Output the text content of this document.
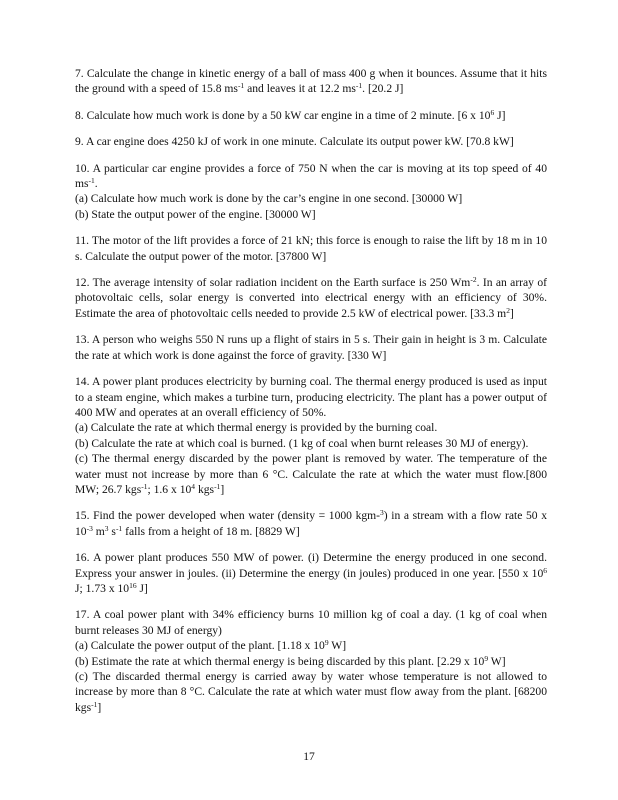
7. Calculate the change in kinetic energy of a ball of mass 400 g when it bounces. Assume that it hits the ground with a speed of 15.8 $ms^{-1}$ and leaves it at 12.2 $ms^{-1}$. [20.2 J]

8. Calculate how much work is done by a 50 kW car engine in a time of 2 minute. [6 x $10^6$ J]

9. A car engine does 4250 kJ of work in one minute. Calculate its output power kW. [70.8 kW]

10. A particular car engine provides a force of 750 N when the car is moving at its top speed of 40 $ms^{-1}$.

(a) Calculate how much work is done by the car’s engine in one second. [30000 W]

(b) State the output power of the engine. [30000 W]

11. The motor of the lift provides a force of 21 kN; this force is enough to raise the lift by 18 m in 10 s. Calculate the output power of the motor. [37800 W]

12. The average intensity of solar radiation incident on the Earth surface is 250 $Wm^{-2}$. In an array of photovoltaic cells, solar energy is converted into electrical energy with an efficiency of 30%. Estimate the area of photovoltaic cells needed to provide 2.5 kW of electrical power. [33.3 $m^2$]

13. A person who weighs 550 N runs up a flight of stairs in 5 s. Their gain in height is 3 m. Calculate the rate at which work is done against the force of gravity. [330 W]

14. A power plant produces electricity by burning coal. The thermal energy produced is used as input to a steam engine, which makes a turbine turn, producing electricity. The plant has a power output of 400 MW and operates at an overall efficiency of 50%.

(a) Calculate the rate at which thermal energy is provided by the burning coal.

(b) Calculate the rate at which coal is burned. (1 kg of coal when burnt releases 30 MJ of energy).

(c) The thermal energy discarded by the power plant is removed by water. The temperature of the water must not increase by more than 6 °C. Calculate the rate at which the water must flow.[800 MW; 26.7 kgs$^{-1}$; 1.6 x $10^4$ kgs$^{-1}$]

15. Find the power developed when water (density = 1000 kgm-$^3$) in a stream with a flow rate 50 x $10^{-3}$ $m^3$ $s^{-1}$ falls from a height of 18 m. [8829 W]

16. A power plant produces 550 MW of power. (i) Determine the energy produced in one second. Express your answer in joules. (ii) Determine the energy (in joules) produced in one year. [550 x $10^6$ J; 1.73 x $10^{16}$ J]

17. A coal power plant with 34% efficiency burns 10 million kg of coal a day. (1 kg of coal when burnt releases 30 MJ of energy)

(a) Calculate the power output of the plant. [1.18 x $10^9$ W]

(b) Estimate the rate at which thermal energy is being discarded by this plant. [2.29 x $10^9$ W]

(c) The discarded thermal energy is carried away by water whose temperature is not allowed to increase by more than 8 °C. Calculate the rate at which water must flow away from the plant. [68200 kgs$^{-1}$]

17
